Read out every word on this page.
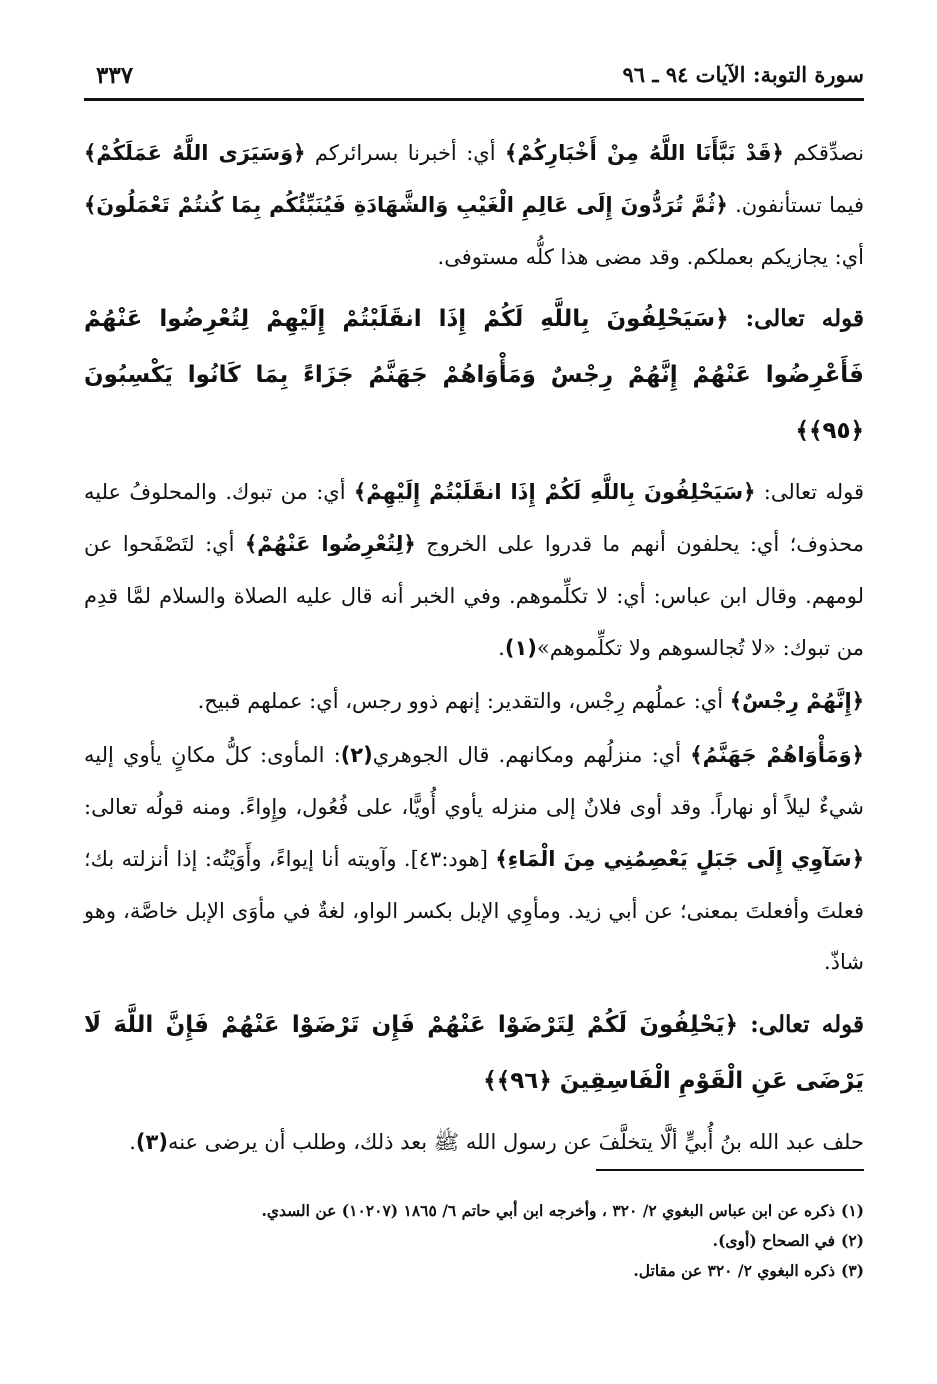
سورة التوبة: الآيات ٩٤ ـ ٩٦
٣٣٧

نصدِّقكم ﴿قَدْ نَبَّأَنَا اللَّهُ مِنْ أَخْبَارِكُمْ﴾ أي: أخبرنا بسرائركم ﴿وَسَيَرَى اللَّهُ عَمَلَكُمْ﴾ فيما تستأنفون. ﴿ثُمَّ تُرَدُّونَ إِلَى عَالِمِ الْغَيْبِ وَالشَّهَادَةِ فَيُنَبِّئُكُم بِمَا كُنتُمْ تَعْمَلُونَ﴾ أي: يجازيكم بعملكم. وقد مضى هذا كلُّه مستوفى.

قوله تعالى: ﴿سَيَحْلِفُونَ بِاللَّهِ لَكُمْ إِذَا انقَلَبْتُمْ إِلَيْهِمْ لِتُعْرِضُوا عَنْهُمْ فَأَعْرِضُوا عَنْهُمْ إِنَّهُمْ رِجْسٌ وَمَأْوَاهُمْ جَهَنَّمُ جَزَاءً بِمَا كَانُوا يَكْسِبُونَ ﴿٩٥﴾﴾

قوله تعالى: ﴿سَيَحْلِفُونَ بِاللَّهِ لَكُمْ إِذَا انقَلَبْتُمْ إِلَيْهِمْ﴾ أي: من تبوك. والمحلوفُ عليه محذوف؛ أي: يحلفون أنهم ما قدروا على الخروج ﴿لِتُعْرِضُوا عَنْهُمْ﴾ أي: لتَصْفَحوا عن لومهم. وقال ابن عباس: أي: لا تكلِّموهم. وفي الخبر أنه قال عليه الصلاة والسلام لمَّا قدِم من تبوك: «لا تُجالسوهم ولا تكلِّموهم»(١).

﴿إِنَّهُمْ رِجْسٌ﴾ أي: عملُهم رِجْس، والتقدير: إنهم ذوو رجس، أي: عملهم قبيح.

﴿وَمَأْوَاهُمْ جَهَنَّمُ﴾ أي: منزلُهم ومكانهم. قال الجوهري(٢): المأوى: كلُّ مكانٍ يأوي إليه شيءٌ ليلاً أو نهاراً. وقد أوى فلانٌ إلى منزله يأوي أُويًّا، على فُعُول، وإِواءً. ومنه قولُه تعالى: ﴿سَآوِي إِلَى جَبَلٍ يَعْصِمُنِي مِنَ الْمَاءِ﴾ [هود:٤٣]. وآويته أنا إيواءً، وأَوَيْتُه: إذا أنزلته بك؛ فعلتَ وأفعلتَ بمعنى؛ عن أبي زيد. ومأوِي الإبل بكسر الواو، لغةٌ في مأوَى الإبل خاصَّة، وهو شاذّ.

قوله تعالى: ﴿يَحْلِفُونَ لَكُمْ لِتَرْضَوْا عَنْهُمْ فَإِن تَرْضَوْا عَنْهُمْ فَإِنَّ اللَّهَ لَا يَرْضَى عَنِ الْقَوْمِ الْفَاسِقِينَ ﴿٩٦﴾﴾

حلف عبد الله بنُ أُبيٍّ ألَّا يتخلَّفَ عن رسول الله ﷺ بعد ذلك، وطلب أن يرضى عنه(٣).

(١)ذكره عن ابن عباس البغوي ٢/ ٣٢٠ ، وأخرجه ابن أبي حاتم ٦/ ١٨٦٥ (١٠٢٠٧) عن السدي.

(٢)في الصحاح (أوى).

(٣)ذكره البغوي ٢/ ٣٢٠ عن مقاتل.
